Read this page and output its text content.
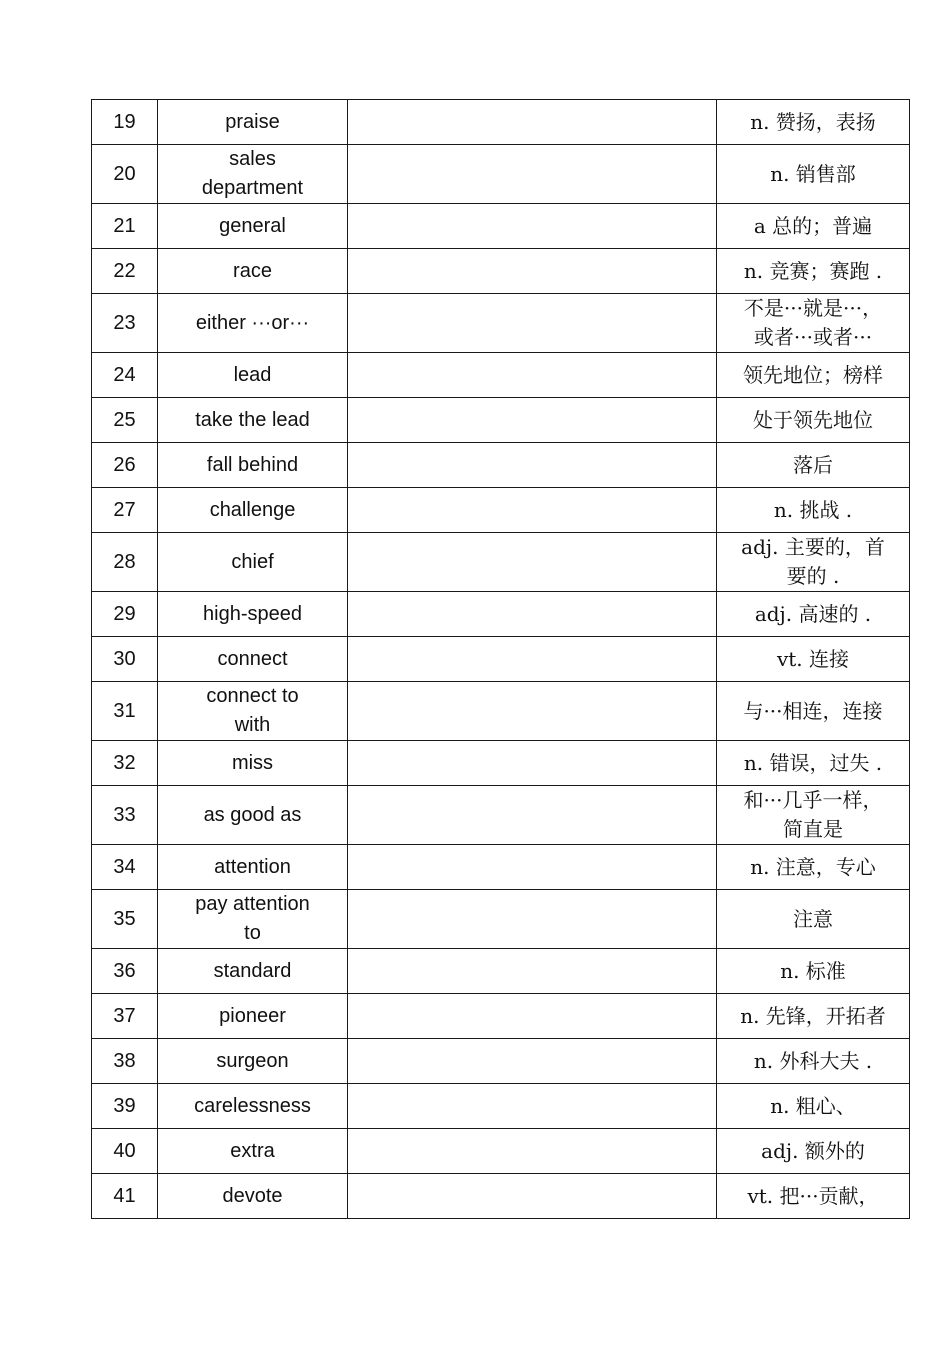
19	praise		n. 赞扬，表扬
20	sales
department		n. 销售部
21	general		a 总的；普遍
22	race		n. 竞赛；赛跑 .
23	either ···or···		不是···就是···，
或者···或者···
24	lead		领先地位；榜样
25	take the lead		处于领先地位
26	fall behind		落后
27	challenge		n. 挑战 .
28	chief		adj. 主要的，首
要的 .
29	high-speed		adj. 高速的 .
30	connect		vt. 连接
31	connect to
with		与···相连，连接
32	miss		n. 错误，过失 .
33	as good as		和···几乎一样，
简直是
34	attention		n. 注意，专心
35	pay attention
to		注意
36	standard		n. 标准
37	pioneer		n. 先锋，开拓者
38	surgeon		n. 外科大夫 .
39	carelessness		n. 粗心、
40	extra		adj. 额外的
41	devote		vt. 把···贡献，
